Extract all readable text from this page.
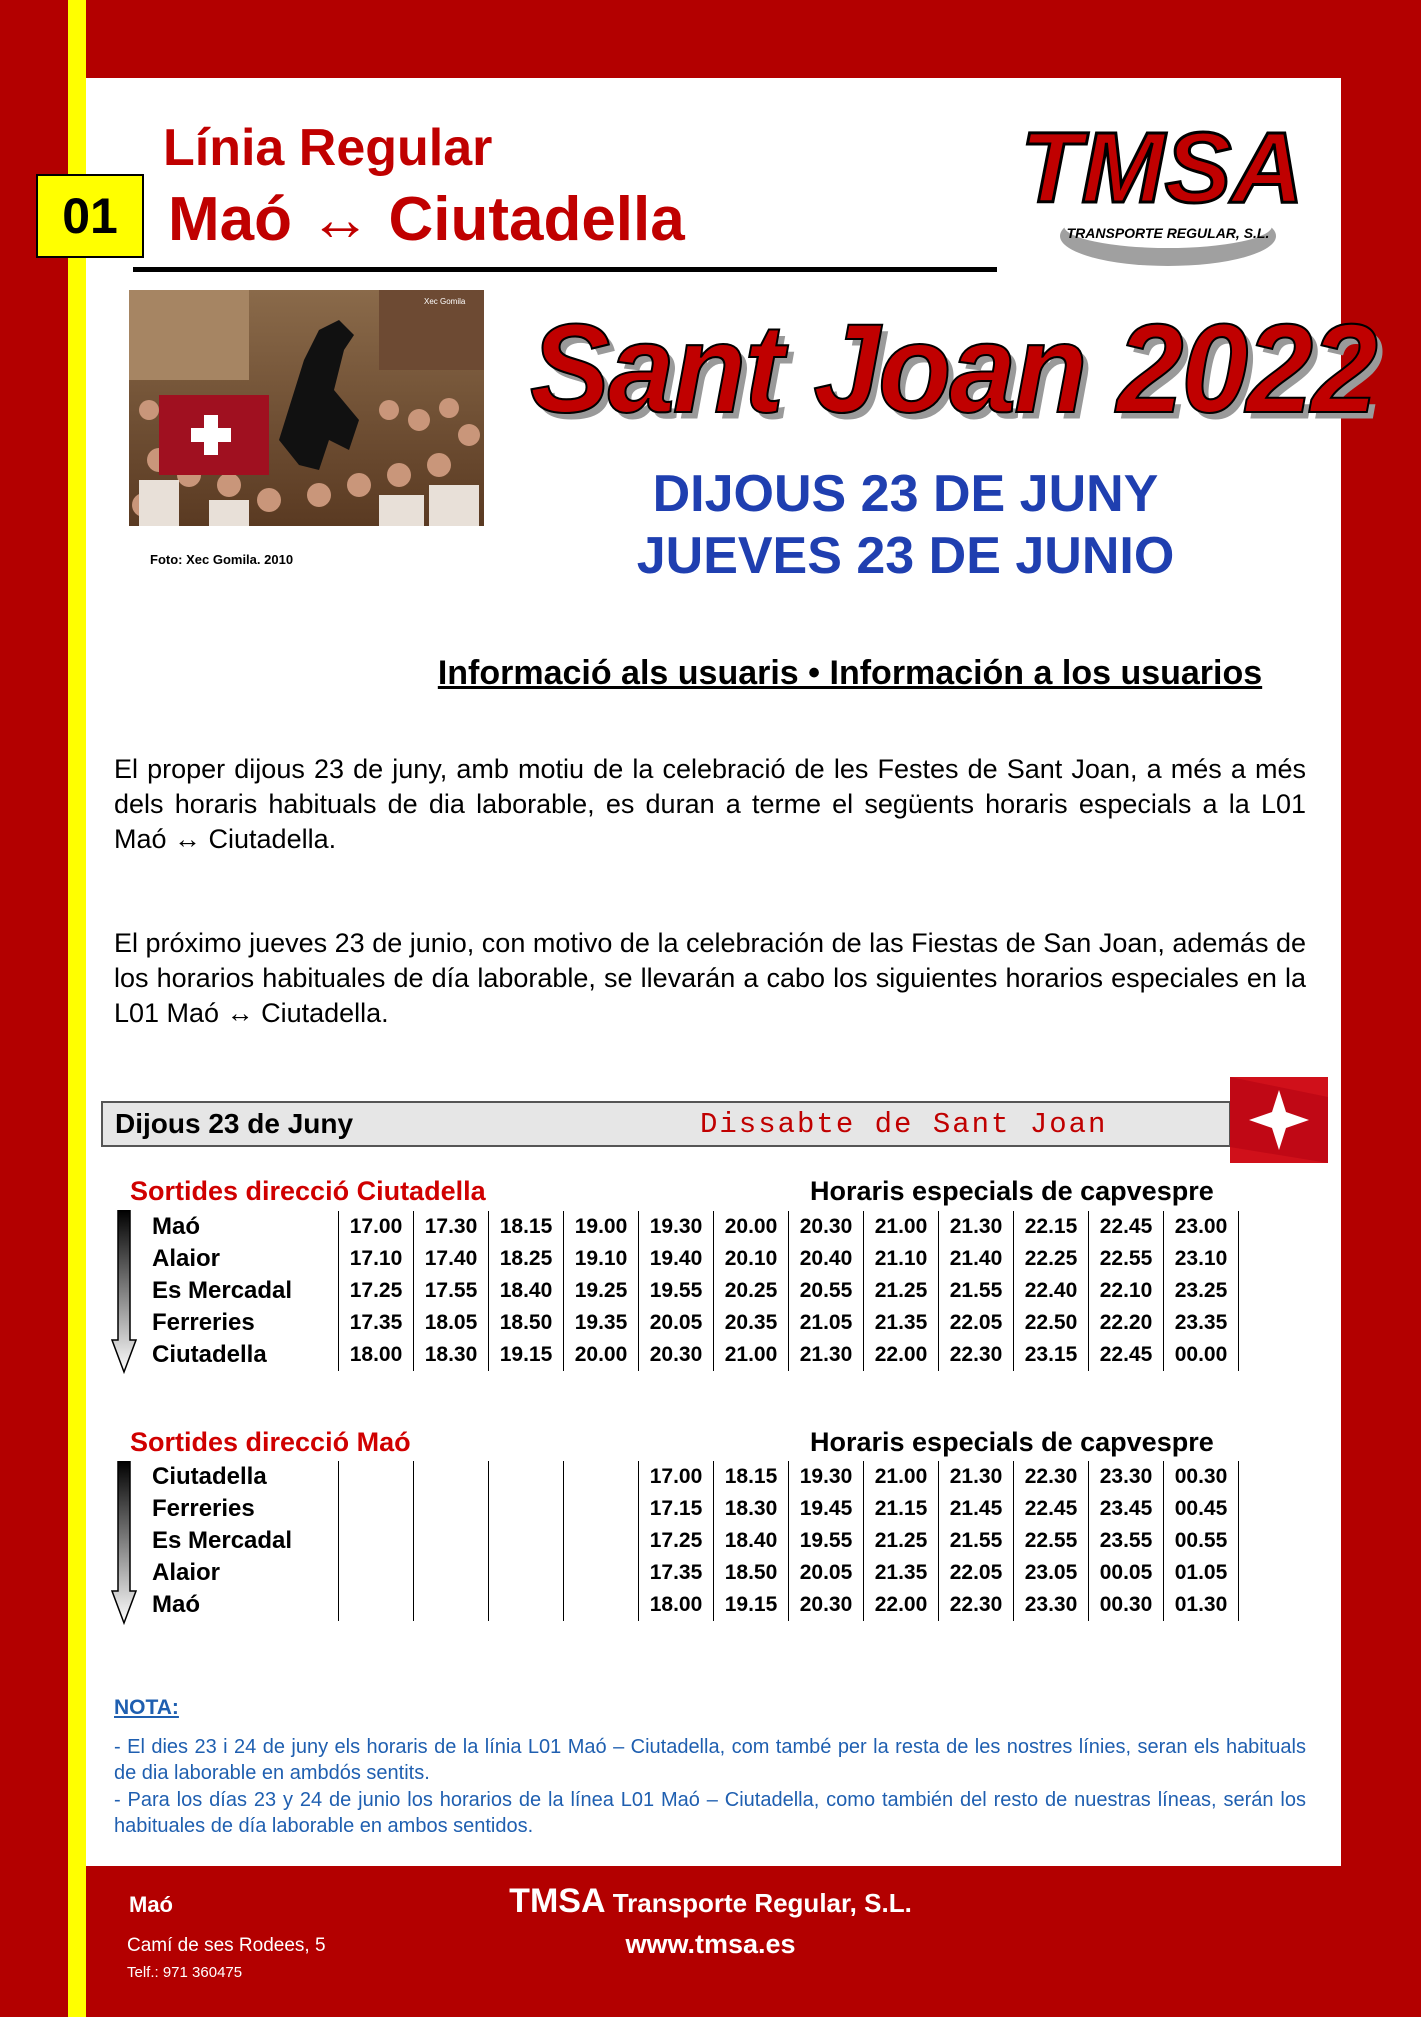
01
Línia Regular
Maó ↔ Ciutadella	TMSA
TRANSPORTE REGULAR, S.L.
Xec Gomila
Foto: Xec Gomila. 2010
Sant Joan 2022
DIJOUS 23 DE JUNY
JUEVES 23 DE JUNIO
Informació als usuaris • Información a los usuarios
El proper dijous 23 de juny, amb motiu de la celebració de les Festes de Sant Joan, a més a més dels horaris habituals de dia laborable, es duran a terme el següents horaris especials a la L01 Maó ↔ Ciutadella.
El próximo jueves 23 de junio, con motivo de la celebración de las Fiestas de San Joan, además de los horarios habituales de día laborable, se llevarán a cabo los siguientes horarios especiales en la L01 Maó ↔ Ciutadella.
Dijous 23 de Juny	Dissabte de Sant Joan
Sortides direcció Ciutadella	Horaris especials de capvespre
Maó	17.00	17.30	18.15	19.00	19.30	20.00	20.30	21.00	21.30	22.15	22.45	23.00
Alaior	17.10	17.40	18.25	19.10	19.40	20.10	20.40	21.10	21.40	22.25	22.55	23.10
Es Mercadal	17.25	17.55	18.40	19.25	19.55	20.25	20.55	21.25	21.55	22.40	22.10	23.25
Ferreries	17.35	18.05	18.50	19.35	20.05	20.35	21.05	21.35	22.05	22.50	22.20	23.35
Ciutadella	18.00	18.30	19.15	20.00	20.30	21.00	21.30	22.00	22.30	23.15	22.45	00.00
Sortides direcció Maó	Horaris especials de capvespre
Ciutadella					17.00	18.15	19.30	21.00	21.30	22.30	23.30	00.30
Ferreries					17.15	18.30	19.45	21.15	21.45	22.45	23.45	00.45
Es Mercadal					17.25	18.40	19.55	21.25	21.55	22.55	23.55	00.55
Alaior					17.35	18.50	20.05	21.35	22.05	23.05	00.05	01.05
Maó					18.00	19.15	20.30	22.00	22.30	23.30	00.30	01.30
NOTA:
- El dies 23 i 24 de juny els horaris de la línia L01 Maó – Ciutadella, com també per la resta de les nostres línies, seran els habituals de dia laborable en ambdós sentits.
- Para los días 23 y 24 de junio los horarios de la línea L01 Maó – Ciutadella, como también del resto de nuestras líneas, serán los habituales de día laborable en ambos sentidos.
Maó
Camí de ses Rodees, 5
Telf.: 971 360475
TMSA Transporte Regular, S.L.
www.tmsa.es
